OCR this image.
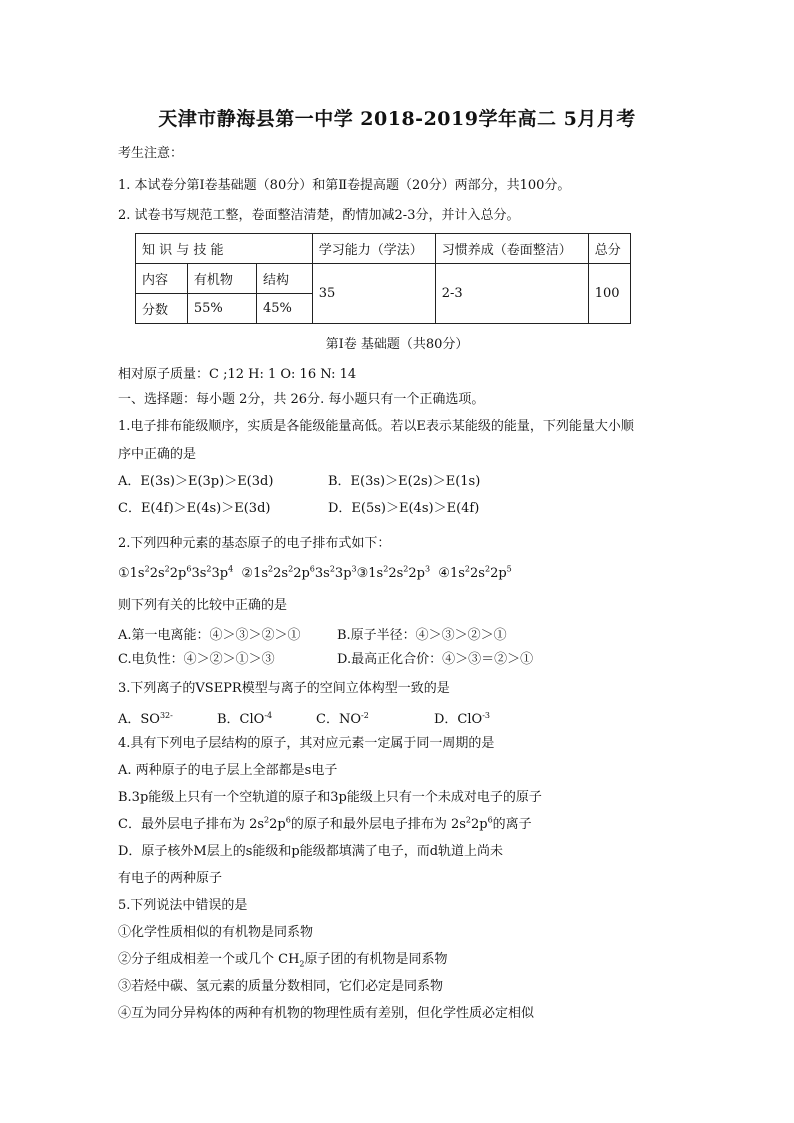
天津市静海县第一中学 2018-2019学年高二 5月月考
考生注意：
1. 本试卷分第Ⅰ卷基础题（80分）和第Ⅱ卷提高题（20分）两部分，共100分。
2. 试卷书写规范工整，卷面整洁清楚，酌情加减2-3分，并计入总分。
知 识 与 技 能			学习能力（学法）	习惯养成（卷面整洁）	总分
内容	有机物	结构	35	2-3	100
分数	55%	45%			
第Ⅰ卷 基础题（共80分）
相对原子质量：C ;12 H: 1 O: 16 N: 14
一、选择题：每小题 2分，共 26分. 每小题只有一个正确选项。
1.电子排布能级顺序，实质是各能级能量高低。若以E表示某能级的能量，下列能量大小顺
序中正确的是
A．E(3s)＞E(3p)＞E(3d)	B．E(3s)＞E(2s)＞E(1s)
C．E(4f)＞E(4s)＞E(3d)	D．E(5s)＞E(4s)＞E(4f)
2.下列四种元素的基态原子的电子排布式如下：
$①1s^22s^22p^63s^23p^4$  $②1s^22s^22p^63s^23p^3③1s^22s^22p^3$  $④1s^22s^22p^5$
则下列有关的比较中正确的是
A.第一电离能：④＞③＞②＞①	B.原子半径：④＞③＞②＞①
C.电负性：④＞②＞①＞③	D.最高正化合价：④＞③＝②＞①
3.下列离子的VSEPR模型与离子的空间立体构型一致的是
A．$SO^{32-}$	B．ClO$^{-4}$	C．$NO^{-2}$	D．ClO$^{-3}$
4.具有下列电子层结构的原子，其对应元素一定属于同一周期的是
A. 两种原子的电子层上全部都是s电子
B.3p能级上只有一个空轨道的原子和3p能级上只有一个未成对电子的原子
C．最外层电子排布为 $2s^22p^6$的原子和最外层电子排布为 $2s^22p^6$的离子
D．原子核外M层上的s能级和p能级都填满了电子，而d轨道上尚未
有电子的两种原子
5.下列说法中错误的是
①化学性质相似的有机物是同系物
②分子组成相差一个或几个 $CH_2$原子团的有机物是同系物
③若烃中碳、氢元素的质量分数相同，它们必定是同系物
④互为同分异构体的两种有机物的物理性质有差别，但化学性质必定相似
